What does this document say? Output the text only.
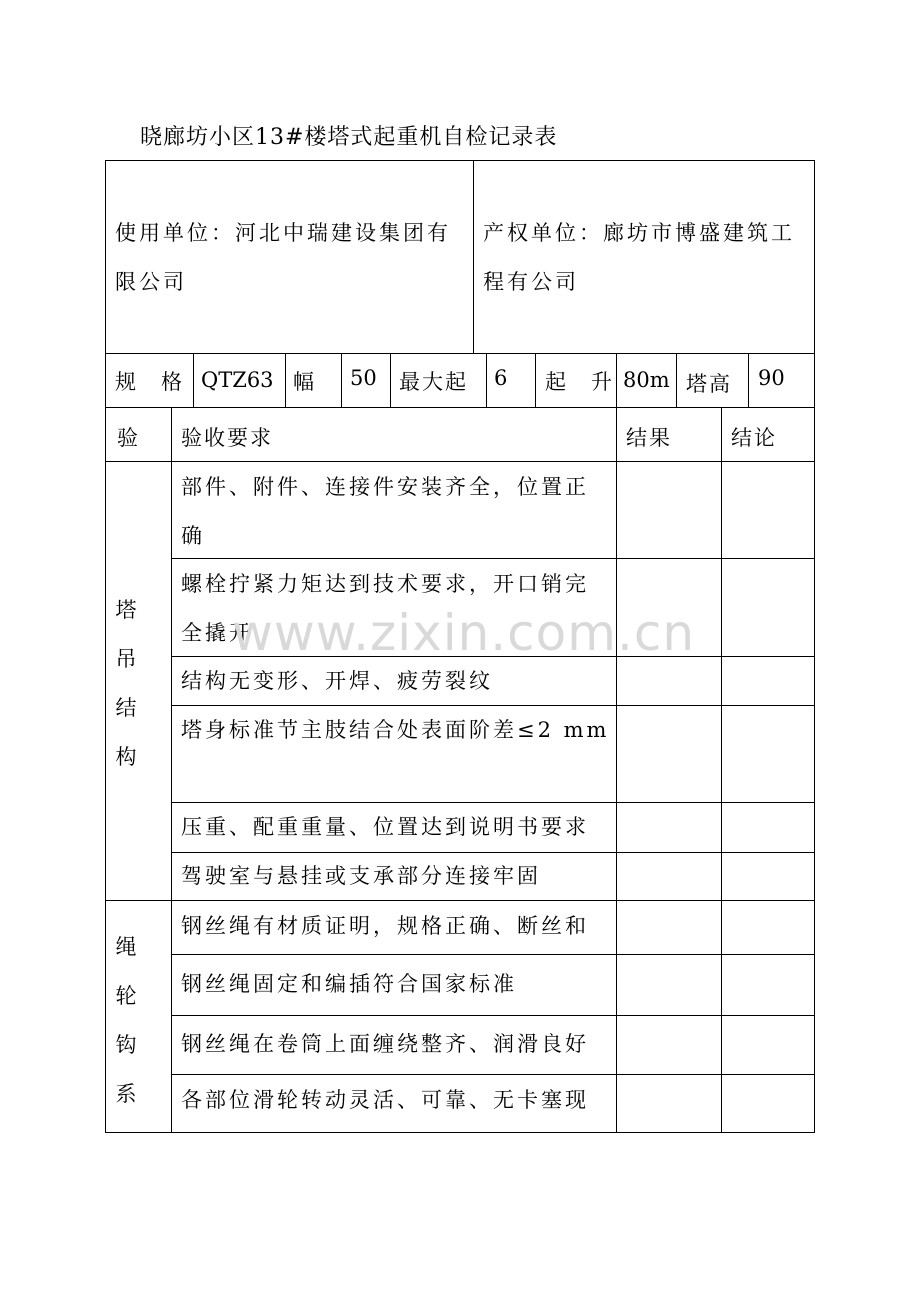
晓廊坊小区13#楼塔式起重机自检记录表
使用单位：河北中瑞建设集团有限公司
产权单位：廊坊市博盛建筑工程有公司
规　格 QTZ63 幅 50 最大起 6 起　升 80m 塔高 90
验 验收要求	结果	结论
塔
吊
结
构
部件、附件、连接件安装齐全，位置正确
螺栓拧紧力矩达到技术要求，开口销完全撬开
结构无变形、开焊、疲劳裂纹
塔身标准节主肢结合处表面阶差≤2 mm
压重、配重重量、位置达到说明书要求
驾驶室与悬挂或支承部分连接牢固
绳
轮
钩
系
钢丝绳有材质证明，规格正确、断丝和
钢丝绳固定和编插符合国家标准
钢丝绳在卷筒上面缠绕整齐、润滑良好
各部位滑轮转动灵活、可靠、无卡塞现
www.zixin.com.cn
